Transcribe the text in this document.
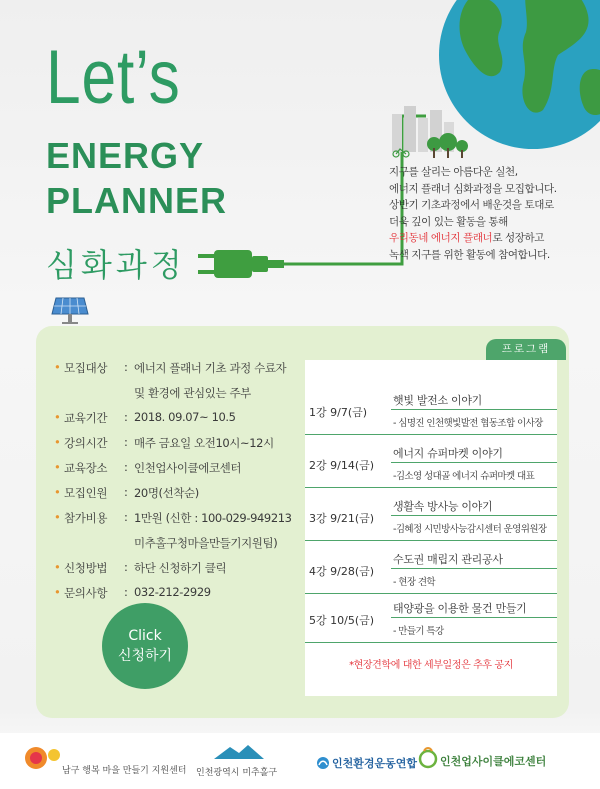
Let’s
ENERGY
PLANNER
심화과정
지구를 살리는 아름다운 실천,
에너지 플래너 심화과정을 모집합니다.
상반기 기초과정에서 배운것을 토대로
더욱 깊이 있는 활동을 통해
우리동네 에너지 플래너로 성장하고
녹색 지구를 위한 활동에 참여합니다.
• 모집대상	: 에너지 플래너 기초 과정 수료자
및 환경에 관심있는 주부
• 교육기간	: 2018. 09.07~ 10.5
• 강의시간	: 매주 금요일 오전10시~12시
• 교육장소	: 인천업사이클에코센터
• 모집인원	: 20명(선착순)
• 참가비용	: 1만원 (신한 : 100-029-949213
미추홀구청마을만들기지원팀)
• 신청방법	: 하단 신청하기 클릭
• 문의사항	: 032-212-2929
Click
신청하기
프로그램
1강 9/7(금)
햇빛 발전소 이야기
- 심명진 인천햇빛발전 협동조합 이사장
2강 9/14(금)
에너지 슈퍼마켓 이야기
-김소영 성대골 에너지 슈퍼마켓 대표
3강 9/21(금)
생활속 방사능 이야기
-김혜정 시민방사능감시센터 운영위원장
4강 9/28(금)
수도권 매립지 관리공사
- 현장 견학
5강 10/5(금)
태양광을 이용한 물건 만들기
- 만들기 특강
*현장견학에 대한 세부일정은 추후 공지
남구 행복 마을 만들기 지원센터 인천광역시 미추홀구
인천환경운동연합 인천업사이클에코센터
